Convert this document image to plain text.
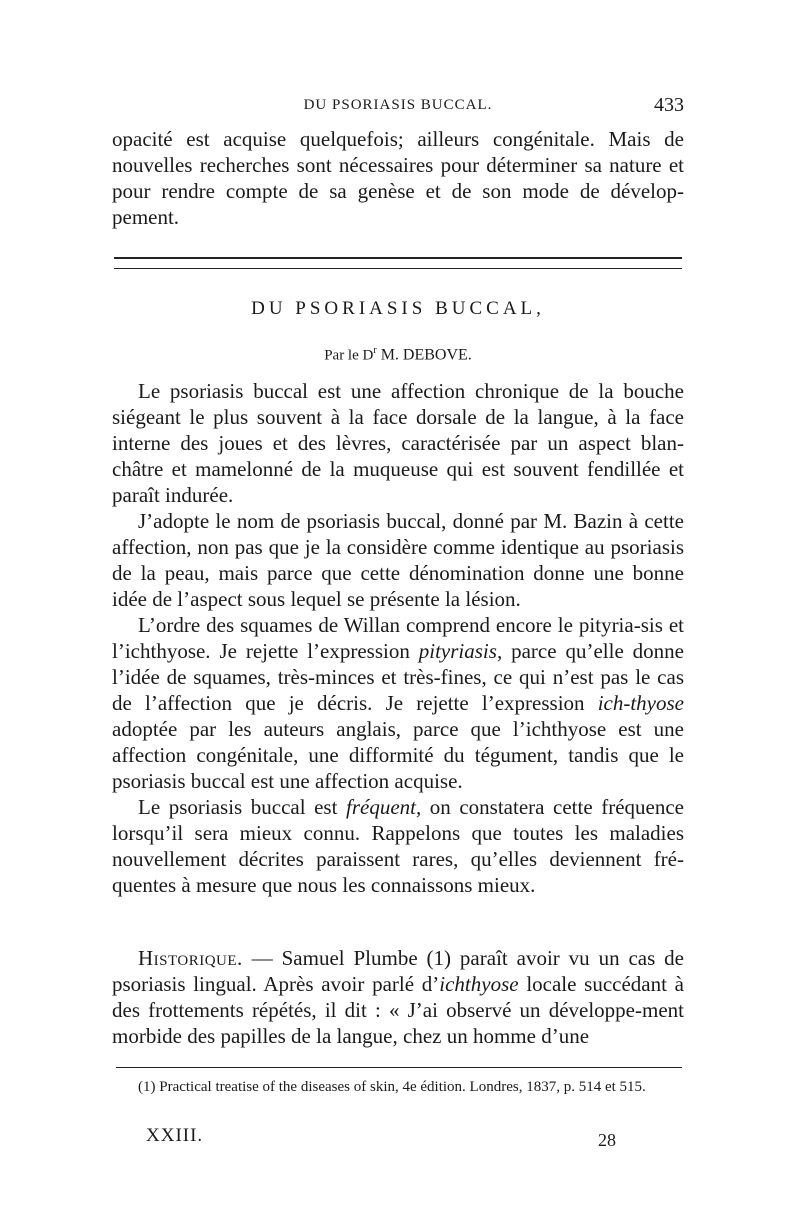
DU PSORIASIS BUCCAL.	433

opacité est acquise quelquefois; ailleurs congénitale. Mais de nouvelles recherches sont nécessaires pour déterminer sa nature et pour rendre compte de sa genèse et de son mode de dévelop-pement.

DU PSORIASIS BUCCAL,
Par le $D^r$ M. DEBOVE.

Le psoriasis buccal est une affection chronique de la bouche siégeant le plus souvent à la face dorsale de la langue, à la face interne des joues et des lèvres, caractérisée par un aspect blan-châtre et mamelonné de la muqueuse qui est souvent fendillée et paraît indurée.

J’adopte le nom de psoriasis buccal, donné par M. Bazin à cette affection, non pas que je la considère comme identique au psoriasis de la peau, mais parce que cette dénomination donne une bonne idée de l’aspect sous lequel se présente la lésion.

L’ordre des squames de Willan comprend encore le pityria-sis et l’ichthyose. Je rejette l’expression pityriasis, parce qu’elle donne l’idée de squames, très-minces et très-fines, ce qui n’est pas le cas de l’affection que je décris. Je rejette l’expression ich-thyose adoptée par les auteurs anglais, parce que l’ichthyose est une affection congénitale, une difformité du tégument, tandis que le psoriasis buccal est une affection acquise.

Le psoriasis buccal est fréquent, on constatera cette fréquence lorsqu’il sera mieux connu. Rappelons que toutes les maladies nouvellement décrites paraissent rares, qu’elles deviennent fré-quentes à mesure que nous les connaissons mieux.

Historique. — Samuel Plumbe (1) paraît avoir vu un cas de psoriasis lingual. Après avoir parlé d’ichthyose locale succédant à des frottements répétés, il dit : « J’ai observé un développe-ment morbide des papilles de la langue, chez un homme d’une

(1) Practical treatise of the diseases of skin, 4e édition. Londres, 1837, p. 514 et 515.

XXIII.	28
